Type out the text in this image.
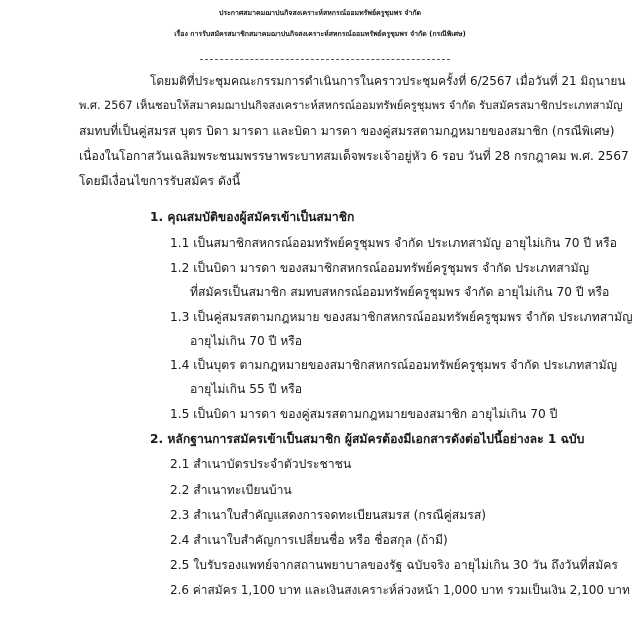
ประกาศสมาคมฌาปนกิจสงเคราะห์สหกรณ์ออมทรัพย์ครูชุมพร จำกัด
เรื่อง การรับสมัครสมาชิกสมาคมฌาปนกิจสงเคราะห์สหกรณ์ออมทรัพย์ครูชุมพร จำกัด (กรณีพิเศษ)
โดยมติที่ประชุมคณะกรรมการดำเนินการในคราวประชุมครั้งที่ 6/2567 เมื่อวันที่ 21 มิถุนายน
พ.ศ. 2567 เห็นชอบให้สมาคมฌาปนกิจสงเคราะห์สหกรณ์ออมทรัพย์ครูชุมพร จำกัด รับสมัครสมาชิกประเภทสามัญ
สมทบที่เป็นคู่สมรส บุตร บิดา มารดา และบิดา มารดา ของคู่สมรสตามกฎหมายของสมาชิก (กรณีพิเศษ)
เนื่องในโอกาสวันเฉลิมพระชนมพรรษาพระบาทสมเด็จพระเจ้าอยู่หัว 6 รอบ วันที่ 28 กรกฎาคม พ.ศ. 2567
โดยมีเงื่อนไขการรับสมัคร ดังนี้
1. คุณสมบัติของผู้สมัครเข้าเป็นสมาชิก
1.1 เป็นสมาชิกสหกรณ์ออมทรัพย์ครูชุมพร จำกัด ประเภทสามัญ อายุไม่เกิน 70 ปี หรือ
1.2 เป็นบิดา มารดา ของสมาชิกสหกรณ์ออมทรัพย์ครูชุมพร จำกัด ประเภทสามัญ
ที่สมัครเป็นสมาชิก สมทบสหกรณ์ออมทรัพย์ครูชุมพร จำกัด อายุไม่เกิน 70 ปี หรือ
1.3 เป็นคู่สมรสตามกฎหมาย ของสมาชิกสหกรณ์ออมทรัพย์ครูชุมพร จำกัด ประเภทสามัญ
อายุไม่เกิน 70 ปี หรือ
1.4 เป็นบุตร ตามกฎหมายของสมาชิกสหกรณ์ออมทรัพย์ครูชุมพร จำกัด ประเภทสามัญ
อายุไม่เกิน 55 ปี หรือ
1.5 เป็นบิดา มารดา ของคู่สมรสตามกฎหมายของสมาชิก อายุไม่เกิน 70 ปี
2. หลักฐานการสมัครเข้าเป็นสมาชิก ผู้สมัครต้องมีเอกสารดังต่อไปนี้อย่างละ 1 ฉบับ
2.1 สำเนาบัตรประจำตัวประชาชน
2.2 สำเนาทะเบียนบ้าน
2.3 สำเนาใบสำคัญแสดงการจดทะเบียนสมรส (กรณีคู่สมรส)
2.4 สำเนาใบสำคัญการเปลี่ยนชื่อ หรือ ชื่อสกุล (ถ้ามี)
2.5 ใบรับรองแพทย์จากสถานพยาบาลของรัฐ ฉบับจริง อายุไม่เกิน 30 วัน ถึงวันที่สมัคร
2.6 ค่าสมัคร 1,100 บาท และเงินสงเคราะห์ล่วงหน้า 1,000 บาท รวมเป็นเงิน 2,100 บาท
